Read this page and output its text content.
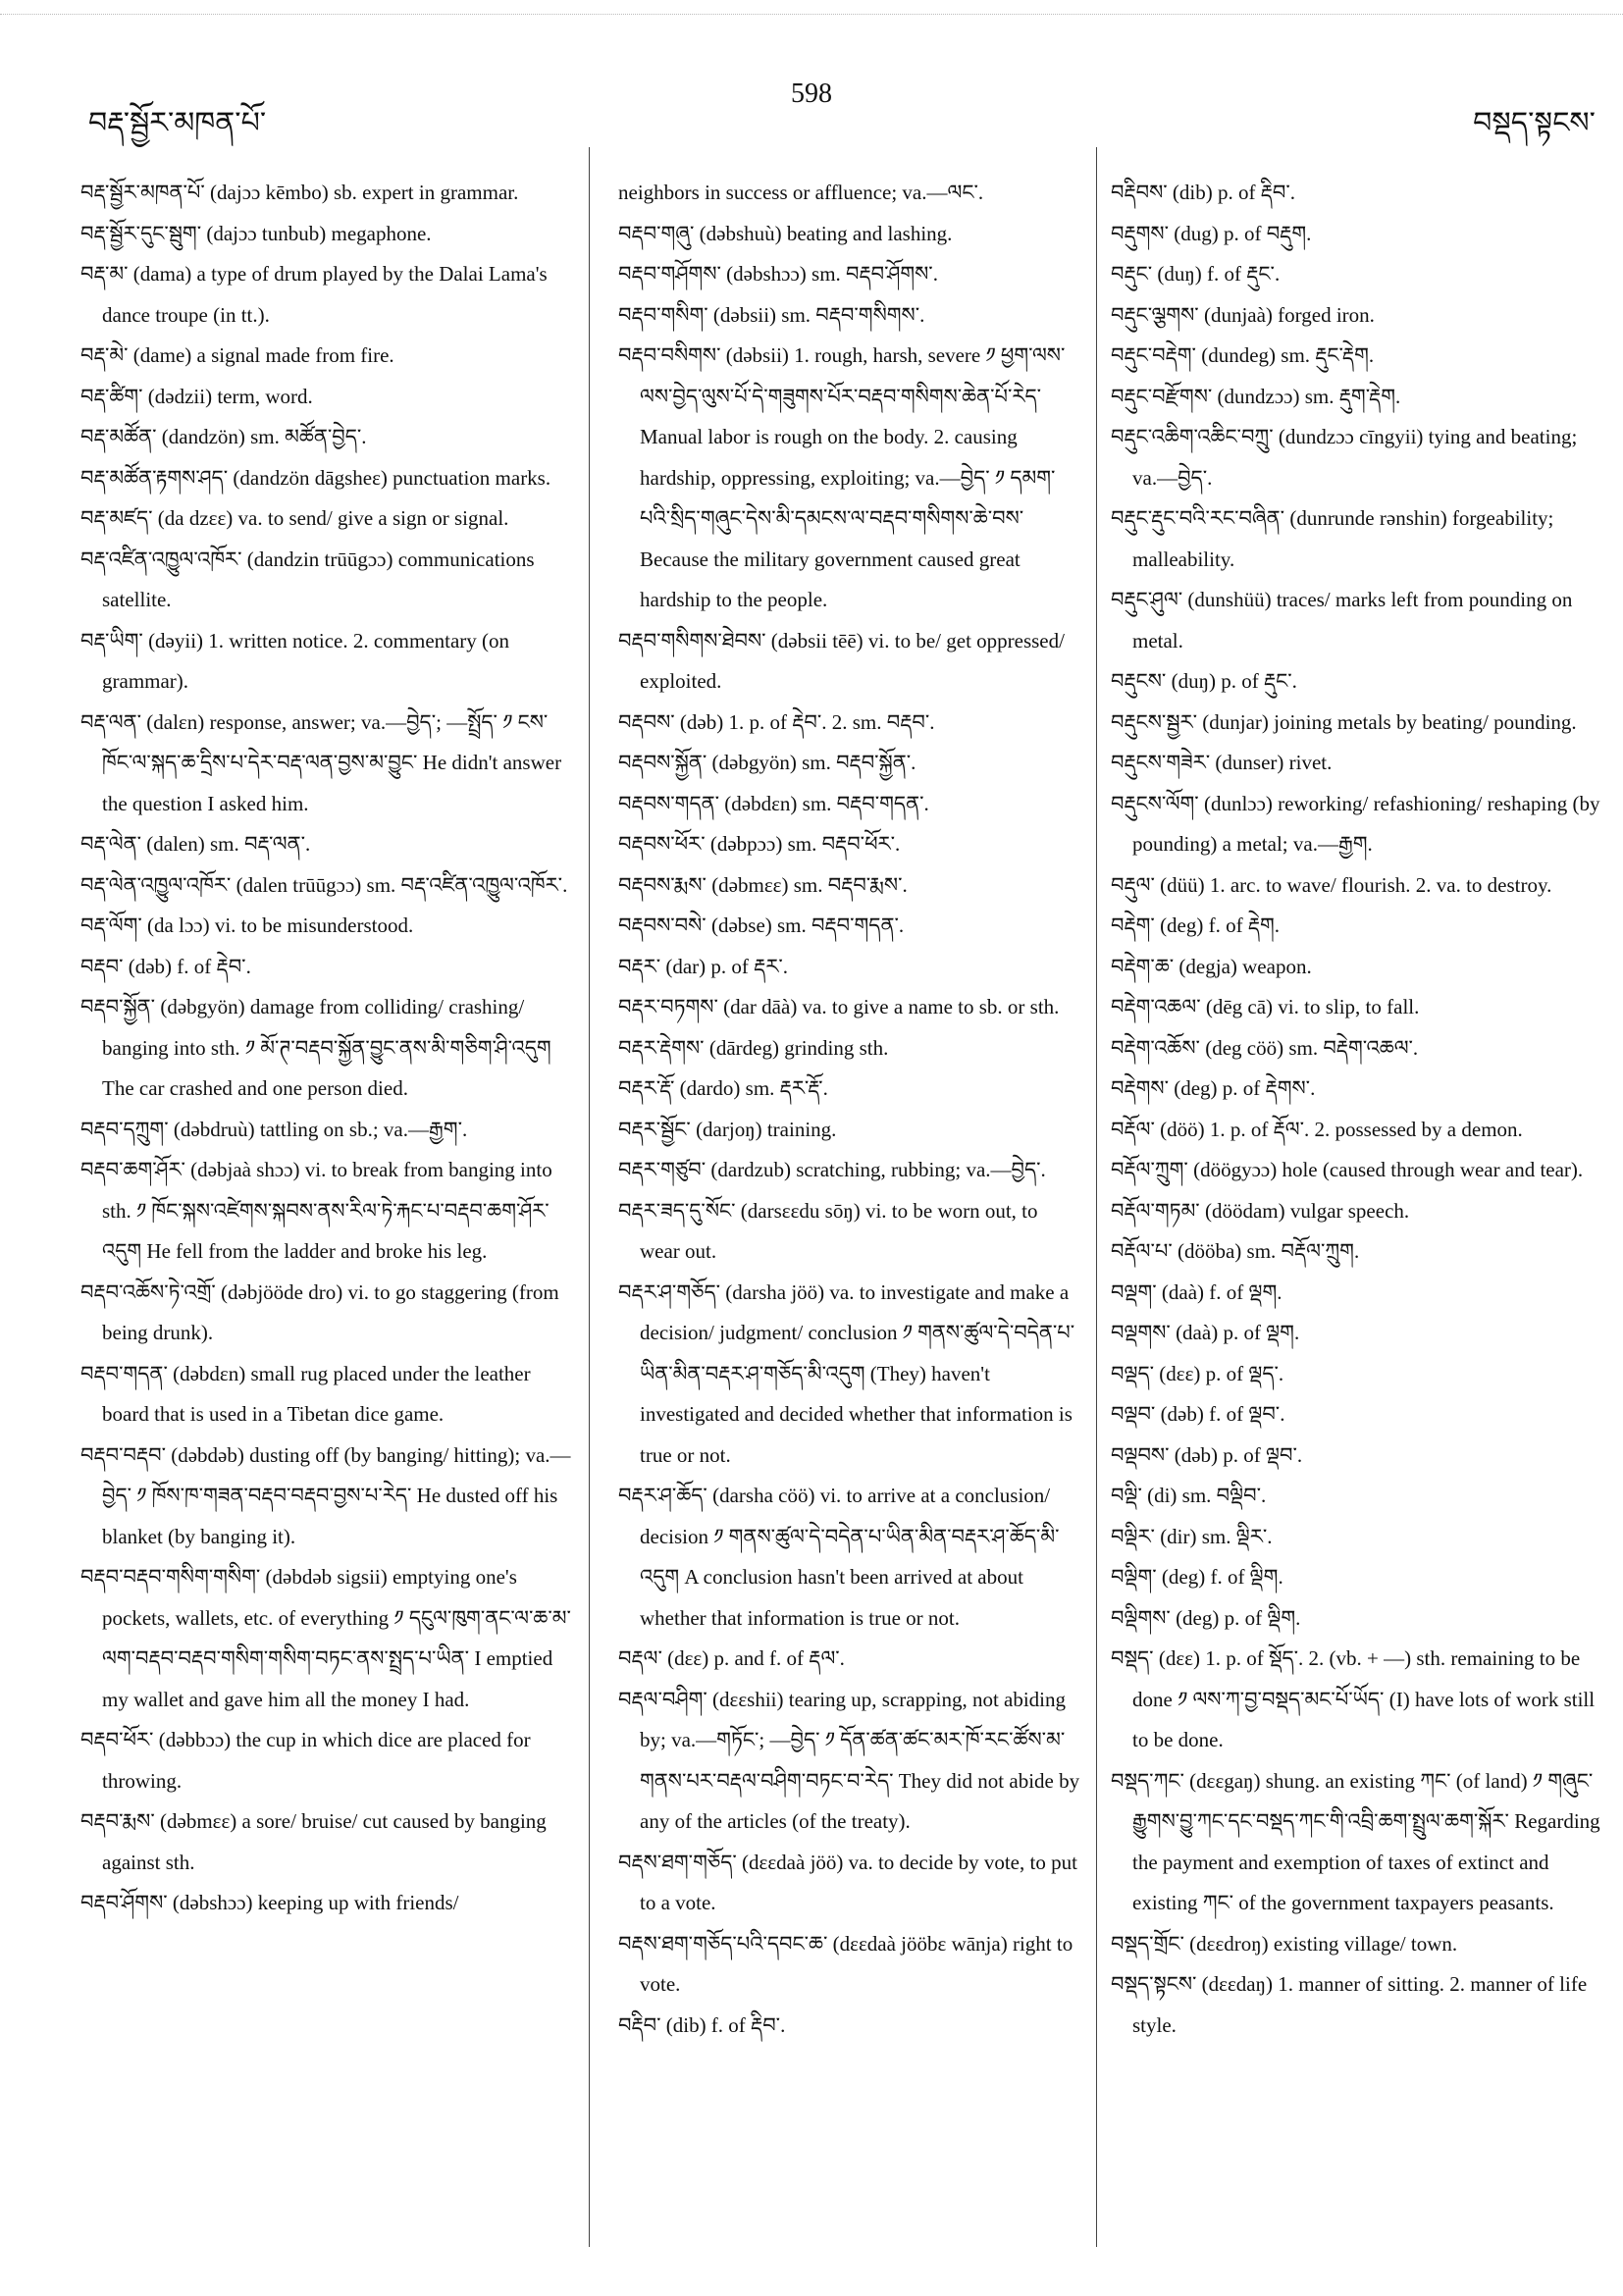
བརྡ་སྦྱོར་མཁན་པོ་
598
བསྡད་སྟངས་
བརྡ་སྦྱོར་མཁན་པོ་ (dajɔɔ kēmbo) sb. expert in grammar.
བརྡ་སྦྱོར་དུང་སྦུག་ (dajɔɔ tunbub) megaphone.
བརྡ་མ་ (dama) a type of drum played by the Dalai Lama's dance troupe (in tt.).
བརྡ་མེ་ (dame) a signal made from fire.
བརྡ་ཚིག་ (dədzii) term, word.
བརྡ་མཚོན་ (dandzön) sm. མཚོན་བྱེད་.
བརྡ་མཚོན་རྟགས་ཤད་ (dandzön dāgsheɛ) punctuation marks.
བརྡ་མཛད་ (da dzɛɛ) va. to send/ give a sign or signal.
བརྡ་འཛིན་འཁྱུལ་འཁོར་ (dandzin trūūgɔɔ) communications satellite.
བརྡ་ཡིག་ (dəyii) 1. written notice. 2. commentary (on grammar).
བརྡ་ལན་ (dalɛn) response, answer; va.—བྱེད་; —སྤྲོད་ ༡ ངས་ཁོང་ལ་སྐད་ཆ་དྲིས་པ་དེར་བརྡ་ལན་བྱས་མ་བྱུང་ He didn't answer the question I asked him.
བརྡ་ལེན་ (dalen) sm. བརྡ་ལན་.
བརྡ་ལེན་འཁྱུལ་འཁོར་ (dalen trūūgɔɔ) sm. བརྡ་འཛིན་འཁྱུལ་འཁོར་.
བརྡ་ལོག་ (da lɔɔ) vi. to be misunderstood.
བརྡབ་ (dəb) f. of རྡེབ་.
བརྡབ་སྐྱོན་ (dəbgyön) damage from colliding/ crashing/ banging into sth. ༡ མོ་ཊ་བརྡབ་སྐྱོན་བྱུང་ནས་མི་གཅིག་ཤི་འདུག The car crashed and one person died.
བརྡབ་དཀྲུག་ (dəbdruù) tattling on sb.; va.—རྒྱག་.
བརྡབ་ཆག་ཤོར་ (dəbjaà shɔɔ) vi. to break from banging into sth. ༡ ཁོང་སྐས་འཛེགས་སྐབས་ནས་རིལ་ཏེ་རྐང་པ་བརྡབ་ཆག་ཤོར་འདུག He fell from the ladder and broke his leg.
བརྡབ་འཆོས་ཏེ་འགྲོ་ (dəbjööde dro) vi. to go staggering (from being drunk).
བརྡབ་གདན་ (dəbdɛn) small rug placed under the leather board that is used in a Tibetan dice game.
བརྡབ་བརྡབ་ (dəbdəb) dusting off (by banging/ hitting); va.—བྱེད་ ༡ ཁོས་ཁ་གཟན་བརྡབ་བརྡབ་བྱས་པ་རེད་ He dusted off his blanket (by banging it).
བརྡབ་བརྡབ་གསིག་གསིག་ (dəbdəb sigsii) emptying one's pockets, wallets, etc. of everything ༡ དངུལ་ཁུག་ནང་ལ་ཆ་མ་ལག་བརྡབ་བརྡབ་གསིག་གསིག་བཏང་ནས་སྤྲད་པ་ཡིན་ I emptied my wallet and gave him all the money I had.
བརྡབ་ཕོར་ (dəbbɔɔ) the cup in which dice are placed for throwing.
བརྡབ་རྨས་ (dəbmɛɛ) a sore/ bruise/ cut caused by banging against sth.
བརྡབ་ཤོགས་ (dəbshɔɔ) keeping up with friends/
neighbors in success or affluence; va.—ལང་.
བརྡབ་གཞུ་ (dəbshuù) beating and lashing.
བརྡབ་གཤོགས་ (dəbshɔɔ) sm. བརྡབ་ཤོགས་.
བརྡབ་གསིག་ (dəbsii) sm. བརྡབ་གསིགས་.
བརྡབ་བསིགས་ (dəbsii) 1. rough, harsh, severe ༡ ཕྱག་ལས་ལས་བྱེད་ལུས་པོ་དེ་གཟུགས་པོར་བརྡབ་གསིགས་ཆེན་པོ་རེད་ Manual labor is rough on the body. 2. causing hardship, oppressing, exploiting; va.—བྱེད་ ༡ དམག་པའི་སྲིད་གཞུང་དེས་མི་དམངས་ལ་བརྡབ་གསིགས་ཆེ་བས་ Because the military government caused great hardship to the people.
བརྡབ་གསིགས་ཐེབས་ (dəbsii tēē) vi. to be/ get oppressed/ exploited.
བརྡབས་ (dəb) 1. p. of རྡེབ་. 2. sm. བརྡབ་.
བརྡབས་སྐྱོན་ (dəbgyön) sm. བརྡབ་སྐྱོན་.
བརྡབས་གདན་ (dəbdɛn) sm. བརྡབ་གདན་.
བརྡབས་ཕོར་ (dəbpɔɔ) sm. བརྡབ་ཕོར་.
བརྡབས་རྨས་ (dəbmɛɛ) sm. བརྡབ་རྨས་.
བརྡབས་བསེ་ (dəbse) sm. བརྡབ་གདན་.
བརྡར་ (dar) p. of རྡར་.
བརྡར་བཏགས་ (dar dāà) va. to give a name to sb. or sth.
བརྡར་རྡེགས་ (dārdeg) grinding sth.
བརྡར་རྡོ་ (dardo) sm. རྡར་རྡོ་.
བརྡར་སྦྱོང་ (darjoŋ) training.
བརྡར་གཙུབ་ (dardzub) scratching, rubbing; va.—བྱེད་.
བརྡར་ཟད་དུ་སོང་ (darsɛɛdu sōŋ) vi. to be worn out, to wear out.
བརྡར་ཤ་གཅོད་ (darsha jöö) va. to investigate and make a decision/ judgment/ conclusion ༡ གནས་ཚུལ་དེ་བདེན་པ་ཡིན་མིན་བརྡར་ཤ་གཅོད་མི་འདུག (They) haven't investigated and decided whether that information is true or not.
བརྡར་ཤ་ཆོད་ (darsha cöö) vi. to arrive at a conclusion/ decision ༡ གནས་ཚུལ་དེ་བདེན་པ་ཡིན་མིན་བརྡར་ཤ་ཆོད་མི་འདུག A conclusion hasn't been arrived at about whether that information is true or not.
བརྡལ་ (dɛɛ) p. and f. of རྡལ་.
བརྡལ་བཤིག་ (dɛɛshii) tearing up, scrapping, not abiding by; va.—གཏོང་; —བྱེད་ ༡ དོན་ཚན་ཚང་མར་ཁོ་རང་ཚོས་མ་གནས་པར་བརྡལ་བཤིག་བཏང་བ་རེད་ They did not abide by any of the articles (of the treaty).
བརྡས་ཐག་གཅོད་ (dɛɛdaà jöö) va. to decide by vote, to put to a vote.
བརྡས་ཐག་གཅོད་པའི་དབང་ཆ་ (dɛɛdaà jööbɛ wānja) right to vote.
བརྡིབ་ (dib) f. of རྡིབ་.
བརྡིབས་ (dib) p. of རྡིབ་.
བརྡུགས་ (dug) p. of བརྡུག.
བརྡུང་ (duŋ) f. of རྡུང་.
བརྡུང་ལྕགས་ (dunjaà) forged iron.
བརྡུང་བརྡེག་ (dundeg) sm. རྡུང་རྡེག.
བརྡུང་བརྫོགས་ (dundzɔɔ) sm. རྡུག་རྡེག.
བརྡུང་འཆིག་འཆིང་བཀྲུ་ (dundzɔɔ cīngyii) tying and beating; va.—བྱེད་.
བརྡུང་རྡུང་བའི་རང་བཞིན་ (dunrunde rənshin) forgeability; malleability.
བརྡུང་ཤུལ་ (dunshüü) traces/ marks left from pounding on metal.
བརྡུངས་ (duŋ) p. of རྡུང་.
བརྡུངས་སྦྱར་ (dunjar) joining metals by beating/ pounding.
བརྡུངས་གཟེར་ (dunser) rivet.
བརྡུངས་ལོག་ (dunlɔɔ) reworking/ refashioning/ reshaping (by pounding) a metal; va.—རྒྱག.
བརྡུལ་ (düü) 1. arc. to wave/ flourish. 2. va. to destroy.
བརྡེག་ (deg) f. of རྡེག.
བརྡེག་ཆ་ (degja) weapon.
བརྡེག་འཆལ་ (dēg cā) vi. to slip, to fall.
བརྡེག་འཆོས་ (deg cöö) sm. བརྡེག་འཆལ་.
བརྡེགས་ (deg) p. of རྡེགས་.
བརྡོལ་ (döö) 1. p. of རྡོལ་. 2. possessed by a demon.
བརྡོལ་ཀྲུག་ (döögyɔɔ) hole (caused through wear and tear).
བརྡོལ་གཏམ་ (döödam) vulgar speech.
བརྡོལ་པ་ (dööba) sm. བརྡོལ་ཀྲུག.
བལྡག་ (daà) f. of ལྡག.
བལྡགས་ (daà) p. of ལྡག.
བལྡད་ (dɛɛ) p. of ལྡད་.
བལྡབ་ (dəb) f. of ལྡབ་.
བལྡབས་ (dəb) p. of ལྡབ་.
བལྡི་ (di) sm. བལྡིབ་.
བལྡིར་ (dir) sm. ལྡིར་.
བལྡིག་ (deg) f. of ལྡིག.
བལྡིགས་ (deg) p. of ལྡིག.
བསྡད་ (dɛɛ) 1. p. of སྡོད་. 2. (vb. + —) sth. remaining to be done ༡ ལས་ཀ་བྱ་བསྡད་མང་པོ་ཡོད་ (I) have lots of work still to be done.
བསྡད་ཀང་ (dɛɛgaŋ) shung. an existing ཀང་ (of land) ༡ གཞུང་རྒྱུགས་བྱུ་ཀང་དང་བསྡད་ཀང་གི་འབྲི་ཆག་སྤྲུལ་ཆག་སྐོར་ Regarding the payment and exemption of taxes of extinct and existing ཀང་ of the government taxpayers peasants.
བསྡད་གྲོང་ (dɛɛdroŋ) existing village/ town.
བསྡད་སྟངས་ (dɛɛdaŋ) 1. manner of sitting. 2. manner of life style.
